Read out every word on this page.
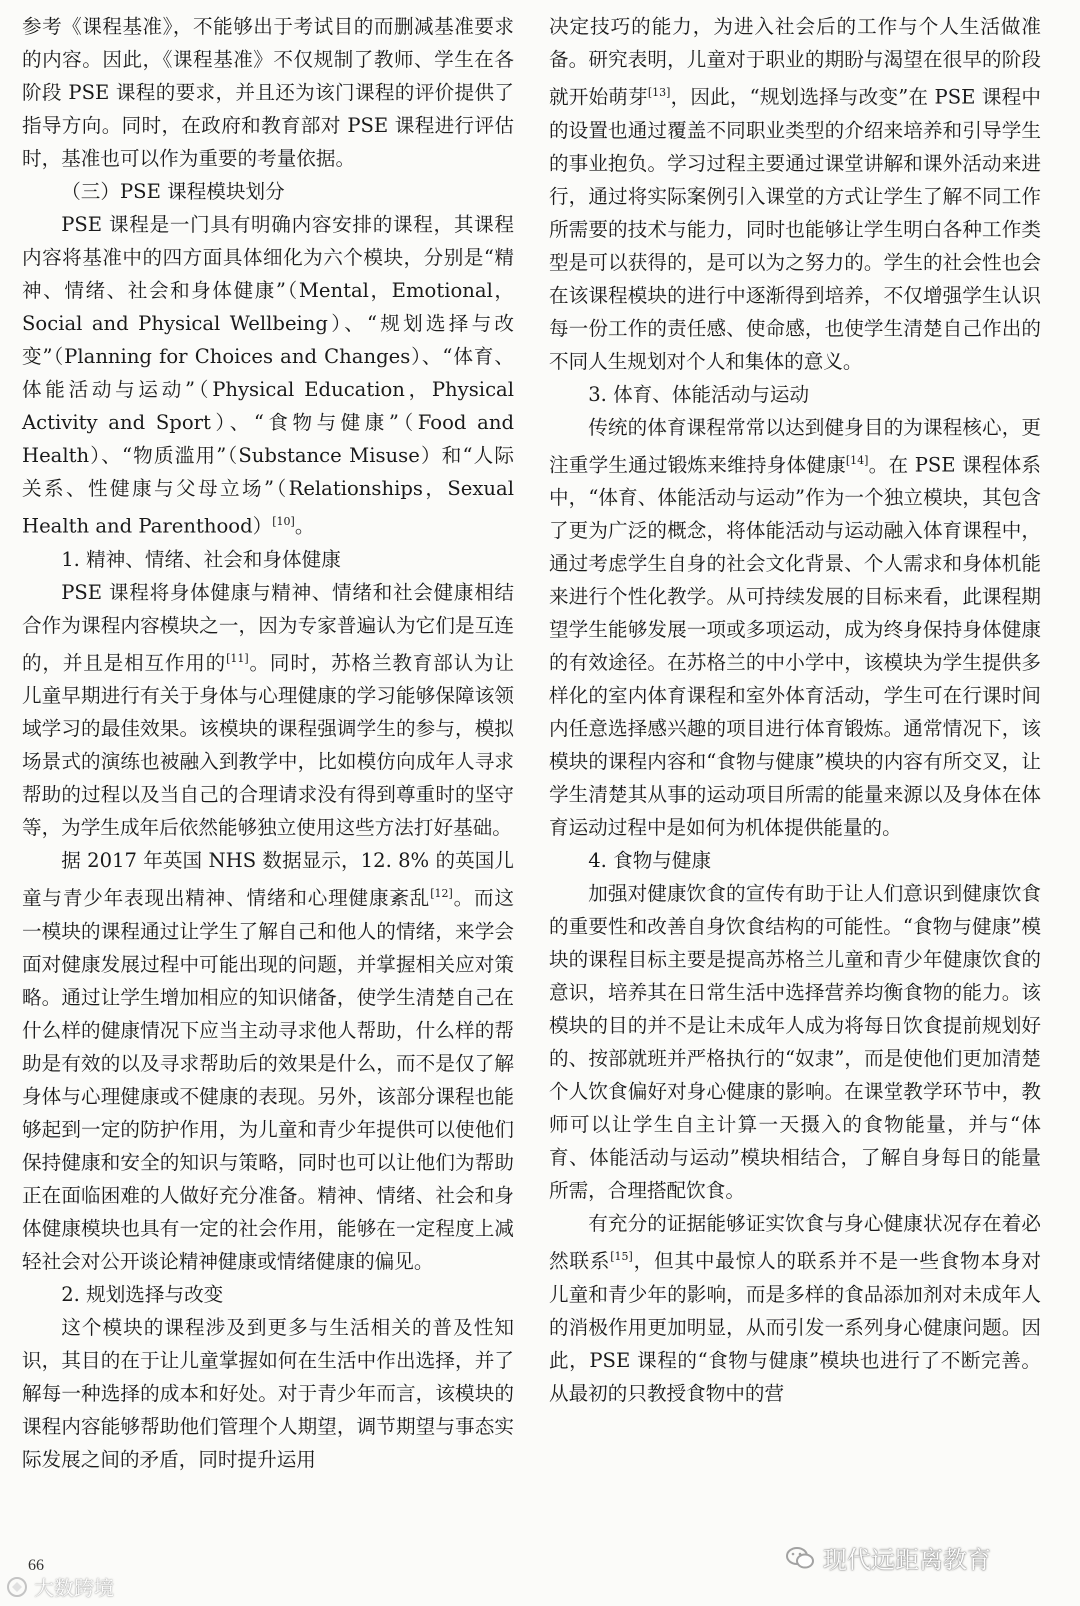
参考《课程基准》，不能够出于考试目的而删减基准要求的内容。因此，《课程基准》不仅规制了教师、学生在各阶段 PSE 课程的要求，并且还为该门课程的评价提供了指导方向。同时，在政府和教育部对 PSE 课程进行评估时，基准也可以作为重要的考量依据。

（三）PSE 课程模块划分

PSE 课程是一门具有明确内容安排的课程，其课程内容将基准中的四方面具体细化为六个模块，分别是“精神、情绪、社会和身体健康”（Mental，Emotional，Social and Physical Wellbeing）、“规划选择与改变”（Planning for Choices and Changes）、“体育、体能活动与运动”（Physical Education，Physical Activity and Sport）、“食物与健康”（Food and Health）、“物质滥用”（Substance Misuse）和“人际关系、性健康与父母立场”（Relationships，Sexual Health and Parenthood）[10]。

1. 精神、情绪、社会和身体健康

PSE 课程将身体健康与精神、情绪和社会健康相结合作为课程内容模块之一，因为专家普遍认为它们是互连的，并且是相互作用的[11]。同时，苏格兰教育部认为让儿童早期进行有关于身体与心理健康的学习能够保障该领域学习的最佳效果。该模块的课程强调学生的参与，模拟场景式的演练也被融入到教学中，比如模仿向成年人寻求帮助的过程以及当自己的合理请求没有得到尊重时的坚守等，为学生成年后依然能够独立使用这些方法打好基础。

据 2017 年英国 NHS 数据显示，12. 8% 的英国儿童与青少年表现出精神、情绪和心理健康紊乱[12]。而这一模块的课程通过让学生了解自己和他人的情绪，来学会面对健康发展过程中可能出现的问题，并掌握相关应对策略。通过让学生增加相应的知识储备，使学生清楚自己在什么样的健康情况下应当主动寻求他人帮助，什么样的帮助是有效的以及寻求帮助后的效果是什么，而不是仅了解身体与心理健康或不健康的表现。另外，该部分课程也能够起到一定的防护作用，为儿童和青少年提供可以使他们保持健康和安全的知识与策略，同时也可以让他们为帮助正在面临困难的人做好充分准备。精神、情绪、社会和身体健康模块也具有一定的社会作用，能够在一定程度上减轻社会对公开谈论精神健康或情绪健康的偏见。

2. 规划选择与改变

这个模块的课程涉及到更多与生活相关的普及性知识，其目的在于让儿童掌握如何在生活中作出选择，并了解每一种选择的成本和好处。对于青少年而言，该模块的课程内容能够帮助他们管理个人期望，调节期望与事态实际发展之间的矛盾，同时提升运用

决定技巧的能力，为进入社会后的工作与个人生活做准备。研究表明，儿童对于职业的期盼与渴望在很早的阶段就开始萌芽[13]，因此，“规划选择与改变”在 PSE 课程中的设置也通过覆盖不同职业类型的介绍来培养和引导学生的事业抱负。学习过程主要通过课堂讲解和课外活动来进行，通过将实际案例引入课堂的方式让学生了解不同工作所需要的技术与能力，同时也能够让学生明白各种工作类型是可以获得的，是可以为之努力的。学生的社会性也会在该课程模块的进行中逐渐得到培养，不仅增强学生认识每一份工作的责任感、使命感，也使学生清楚自己作出的不同人生规划对个人和集体的意义。

3. 体育、体能活动与运动

传统的体育课程常常以达到健身目的为课程核心，更注重学生通过锻炼来维持身体健康[14]。在 PSE 课程体系中，“体育、体能活动与运动”作为一个独立模块，其包含了更为广泛的概念，将体能活动与运动融入体育课程中，通过考虑学生自身的社会文化背景、个人需求和身体机能来进行个性化教学。从可持续发展的目标来看，此课程期望学生能够发展一项或多项运动，成为终身保持身体健康的有效途径。在苏格兰的中小学中，该模块为学生提供多样化的室内体育课程和室外体育活动，学生可在行课时间内任意选择感兴趣的项目进行体育锻炼。通常情况下，该模块的课程内容和“食物与健康”模块的内容有所交叉，让学生清楚其从事的运动项目所需的能量来源以及身体在体育运动过程中是如何为机体提供能量的。

4. 食物与健康

加强对健康饮食的宣传有助于让人们意识到健康饮食的重要性和改善自身饮食结构的可能性。“食物与健康”模块的课程目标主要是提高苏格兰儿童和青少年健康饮食的意识，培养其在日常生活中选择营养均衡食物的能力。该模块的目的并不是让未成年人成为将每日饮食提前规划好的、按部就班并严格执行的“奴隶”，而是使他们更加清楚个人饮食偏好对身心健康的影响。在课堂教学环节中，教师可以让学生自主计算一天摄入的食物能量，并与“体育、体能活动与运动”模块相结合，了解自身每日的能量所需，合理搭配饮食。

有充分的证据能够证实饮食与身心健康状况存在着必然联系[15]，但其中最惊人的联系并不是一些食物本身对儿童和青少年的影响，而是多样的食品添加剂对未成年人的消极作用更加明显，从而引发一系列身心健康问题。因此，PSE 课程的“食物与健康”模块也进行了不断完善。从最初的只教授食物中的营

66
大数跨境
现代远距离教育
